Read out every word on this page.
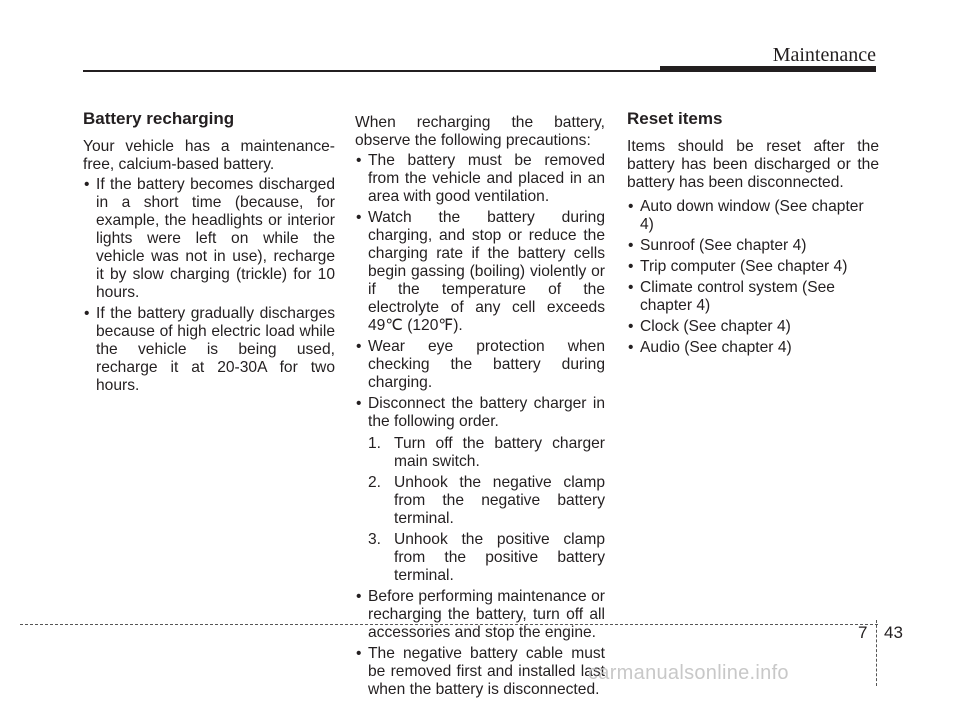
Maintenance
Battery recharging

Your vehicle has a maintenance-free, calcium-based battery.

• If the battery becomes discharged in a short time (because, for example, the headlights or interior lights were left on while the vehicle was not in use), recharge it by slow charging (trickle) for 10 hours.
• If the battery gradually discharges because of high electric load while the vehicle is being used, recharge it at 20-30A for two hours.

When recharging the battery, observe the following precautions:

• The battery must be removed from the vehicle and placed in an area with good ventilation.
• Watch the battery during charging, and stop or reduce the charging rate if the battery cells begin gassing (boiling) violently or if the temperature of the electrolyte of any cell exceeds 49℃ (120℉).
• Wear eye protection when checking the battery during charging.
• Disconnect the battery charger in the following order.
1. Turn off the battery charger main switch.
2. Unhook the negative clamp from the negative battery terminal.
3. Unhook the positive clamp from the positive battery terminal.
• Before performing maintenance or recharging the battery, turn off all accessories and stop the engine.
• The negative battery cable must be removed first and installed last when the battery is disconnected.
Reset items

Items should be reset after the battery has been discharged or the battery has been disconnected.

• Auto down window (See chapter 4)
• Sunroof (See chapter 4)
• Trip computer (See chapter 4)
• Climate control system (See chapter 4)
• Clock (See chapter 4)
• Audio (See chapter 4)
7 43
carmanualsonline.info
